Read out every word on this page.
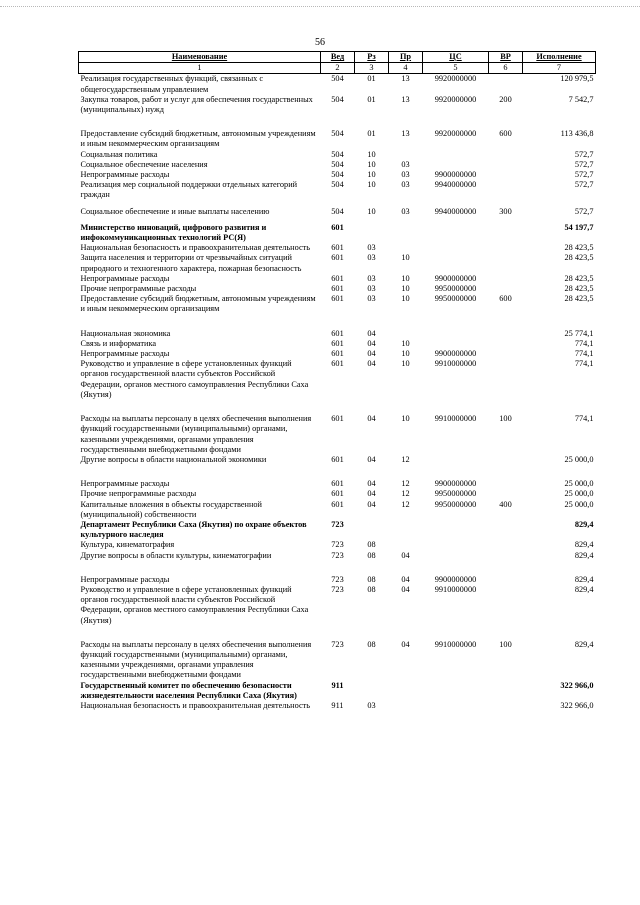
56
Наименование	Вед	Рз	Пр	ЦС	ВР	Исполнение
1	2	3	4	5	6	7
Реализация государственных функций, связанных с общегосударственным управлением	504	01	13	9920000000		120 979,5
Закупка товаров, работ и услуг для обеспечения государственных (муниципальных) нужд	504	01	13	9920000000	200	7 542,7
Предоставление субсидий бюджетным, автономным учреждениям и иным некоммерческим организациям	504	01	13	9920000000	600	113 436,8
Социальная политика	504	10				572,7
Социальное обеспечение населения	504	10	03			572,7
Непрограммные расходы	504	10	03	9900000000		572,7
Реализация мер социальной поддержки отдельных категорий граждан	504	10	03	9940000000		572,7
Социальное обеспечение и иные выплаты населению	504	10	03	9940000000	300	572,7
Министерство инноваций, цифрового развития и инфокоммуникационных технологий РС(Я)	601					54 197,7
Национальная безопасность и правоохранительная деятельность	601	03				28 423,5
Защита населения и территории от чрезвычайных ситуаций природного и техногенного характера, пожарная безопасность	601	03	10			28 423,5
Непрограммные расходы	601	03	10	9900000000		28 423,5
Прочие непрограммные расходы	601	03	10	9950000000		28 423,5
Предоставление субсидий бюджетным, автономным учреждениям и иным некоммерческим организациям	601	03	10	9950000000	600	28 423,5
Национальная экономика	601	04				25 774,1
Связь и информатика	601	04	10			774,1
Непрограммные расходы	601	04	10	9900000000		774,1
Руководство и управление в сфере установленных функций органов государственной власти субъектов Российской Федерации, органов местного самоуправления Республики Саха (Якутия)	601	04	10	9910000000		774,1
Расходы на выплаты персоналу в целях обеспечения выполнения функций государственными (муниципальными) органами, казенными учреждениями, органами управления государственными внебюджетными фондами	601	04	10	9910000000	100	774,1
Другие вопросы в области национальной экономики	601	04	12			25 000,0
Непрограммные расходы	601	04	12	9900000000		25 000,0
Прочие непрограммные расходы	601	04	12	9950000000		25 000,0
Капитальные вложения в объекты государственной (муниципальной) собственности	601	04	12	9950000000	400	25 000,0
Департамент Республики Саха (Якутия) по охране объектов культурного наследия	723					829,4
Культура, кинематография	723	08				829,4
Другие вопросы в области культуры, кинематографии	723	08	04			829,4
Непрограммные расходы	723	08	04	9900000000		829,4
Руководство и управление в сфере установленных функций органов государственной власти субъектов Российской Федерации, органов местного самоуправления Республики Саха (Якутия)	723	08	04	9910000000		829,4
Расходы на выплаты персоналу в целях обеспечения выполнения функций государственными (муниципальными) органами, казенными учреждениями, органами управления государственными внебюджетными фондами	723	08	04	9910000000	100	829,4
Государственный комитет по обеспечению безопасности жизнедеятельности населения Республики Саха (Якутия)	911					322 966,0
Национальная безопасность и правоохранительная деятельность	911	03				322 966,0
